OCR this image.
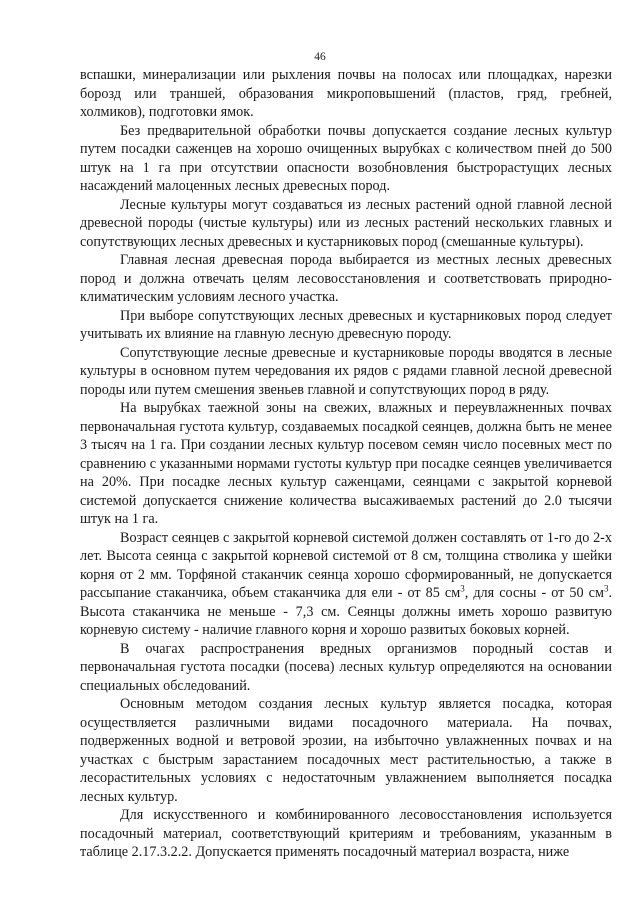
46

вспашки, минерализации или рыхления почвы на полосах или площадках, нарезки борозд или траншей, образования микроповышений (пластов, гряд, гребней, холмиков), подготовки ямок.

Без предварительной обработки почвы допускается создание лесных культур путем посадки саженцев на хорошо очищенных вырубках с количеством пней до 500 штук на 1 га при отсутствии опасности возобновления быстрорастущих лесных насаждений малоценных лесных древесных пород.

Лесные культуры могут создаваться из лесных растений одной главной лесной древесной породы (чистые культуры) или из лесных растений нескольких главных и сопутствующих лесных древесных и кустарниковых пород (смешанные культуры).

Главная лесная древесная порода выбирается из местных лесных древесных пород и должна отвечать целям лесовосстановления и соответствовать природно-климатическим условиям лесного участка.

При выборе сопутствующих лесных древесных и кустарниковых пород следует учитывать их влияние на главную лесную древесную породу.

Сопутствующие лесные древесные и кустарниковые породы вводятся в лесные культуры в основном путем чередования их рядов с рядами главной лесной древесной породы или путем смешения звеньев главной и сопутствующих пород в ряду.

На вырубках таежной зоны на свежих, влажных и переувлажненных почвах первоначальная густота культур, создаваемых посадкой сеянцев, должна быть не менее 3 тысяч на 1 га. При создании лесных культур посевом семян число посевных мест по сравнению с указанными нормами густоты культур при посадке сеянцев увеличивается на 20%. При посадке лесных культур саженцами, сеянцами с закрытой корневой системой допускается снижение количества высаживаемых растений до 2.0 тысячи штук на 1 га.

Возраст сеянцев с закрытой корневой системой должен составлять от 1-го до 2-х лет. Высота сеянца с закрытой корневой системой от 8 см, толщина стволика у шейки корня от 2 мм. Торфяной стаканчик сеянца хорошо сформированный, не допускается рассыпание стаканчика, объем стаканчика для ели - от 85 $см^3$, для сосны - от 50 $см^3$. Высота стаканчика не меньше - 7,3 см. Сеянцы должны иметь хорошо развитую корневую систему - наличие главного корня и хорошо развитых боковых корней.

В очагах распространения вредных организмов породный состав и первоначальная густота посадки (посева) лесных культур определяются на основании специальных обследований.

Основным методом создания лесных культур является посадка, которая осуществляется различными видами посадочного материала. На почвах, подверженных водной и ветровой эрозии, на избыточно увлажненных почвах и на участках с быстрым зарастанием посадочных мест растительностью, а также в лесорастительных условиях с недостаточным увлажнением выполняется посадка лесных культур.

Для искусственного и комбинированного лесовосстановления используется посадочный материал, соответствующий критериям и требованиям, указанным в таблице 2.17.3.2.2. Допускается применять посадочный материал возраста, ниже
